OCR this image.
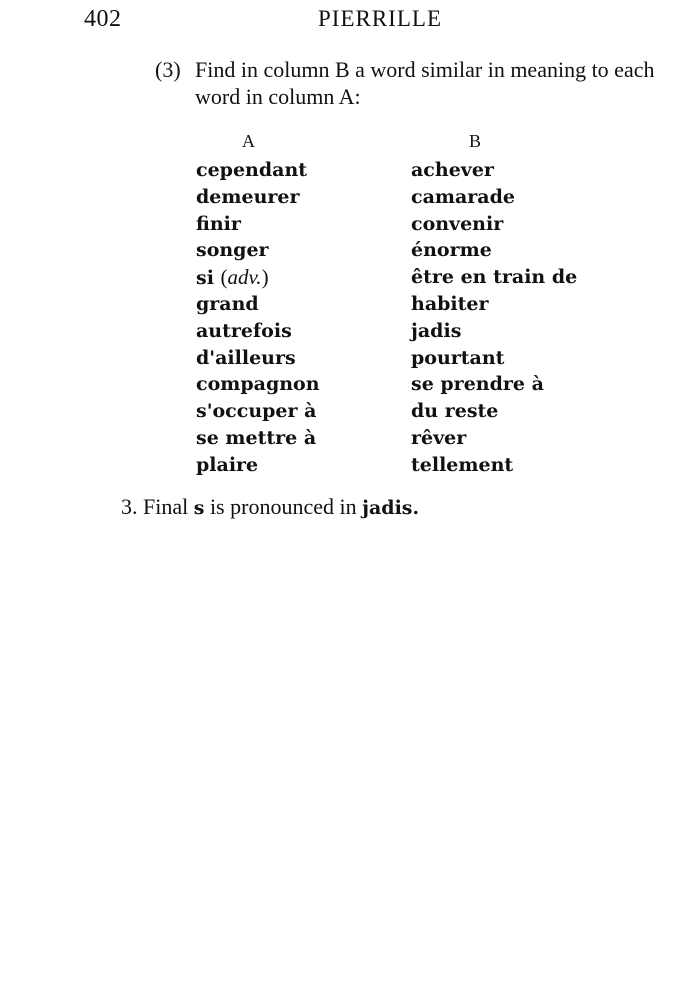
402	PIERRILLE
(3) Find in column B a word similar in meaning to each word in column A:
A	B
cependant
demeurer
finir
songer
si (adv.)
grand
autrefois
d'ailleurs
compagnon
s'occuper à
se mettre à
plaire
achever
camarade
convenir
énorme
être en train de
habiter
jadis
pourtant
se prendre à
du reste
rêver
tellement
3. Final s is pronounced in jadis.
